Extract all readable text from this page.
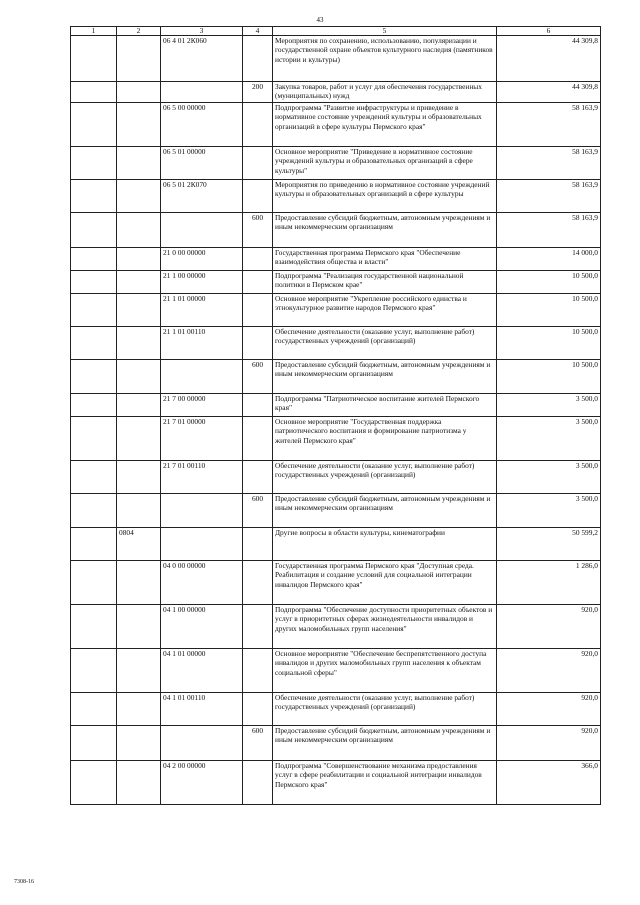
43
1	2	3	4	5	6
		06 4 01 2К060		Мероприятия по сохранению, использованию, популяризации и государственной охране объектов культурного наследия (памятников истории и культуры)	44 309,8
			200	Закупка товаров, работ и услуг для обеспечения государственных (муниципальных) нужд	44 309,8
		06 5 00 00000		Подпрограмма "Развитие инфраструктуры и приведение в нормативное состояние учреждений культуры и образовательных организаций в сфере культуры Пермского края"	58 163,9
		06 5 01 00000		Основное мероприятие "Приведение в нормативное состояние учреждений культуры и образовательных организаций в сфере культуры"	58 163,9
		06 5 01 2К070		Мероприятия по приведению в нормативное состояние учреждений культуры и образовательных организаций в сфере культуры	58 163,9
			600	Предоставление субсидий бюджетным, автономным учреждениям и иным некоммерческим организациям	58 163,9
		21 0 00 00000		Государственная программа Пермского края "Обеспечение взаимодействия общества и власти"	14 000,0
		21 1 00 00000		Подпрограмма "Реализация государственной национальной политики в Пермском крае"	10 500,0
		21 1 01 00000		Основное мероприятие "Укрепление российского единства и этнокультурное развитие народов Пермского края"	10 500,0
		21 1 01 00110		Обеспечение деятельности (оказание услуг, выполнение работ) государственных учреждений (организаций)	10 500,0
			600	Предоставление субсидий бюджетным, автономным учреждениям и иным некоммерческим организациям	10 500,0
		21 7 00 00000		Подпрограмма "Патриотическое воспитание жителей Пермского края"	3 500,0
		21 7 01 00000		Основное мероприятие "Государственная поддержка патриотического воспитания и формирование патриотизма у жителей Пермского края"	3 500,0
		21 7 01 00110		Обеспечение деятельности (оказание услуг, выполнение работ) государственных учреждений (организаций)	3 500,0
			600	Предоставление субсидий бюджетным, автономным учреждениям и иным некоммерческим организациям	3 500,0
	0804			Другие вопросы в области культуры, кинематографии	50 599,2
		04 0 00 00000		Государственная программа Пермского края "Доступная среда. Реабилитация и создание условий для социальной интеграции инвалидов Пермского края"	1 286,0
		04 1 00 00000		Подпрограмма "Обеспечение доступности приоритетных объектов и услуг в приоритетных сферах жизнедеятельности инвалидов и других маломобильных групп населения"	920,0
		04 1 01 00000		Основное мероприятие "Обеспечение беспрепятственного доступа инвалидов и других маломобильных групп населения к объектам социальной сферы"	920,0
		04 1 01 00110		Обеспечение деятельности (оказание услуг, выполнение работ) государственных учреждений (организаций)	920,0
			600	Предоставление субсидий бюджетным, автономным учреждениям и иным некоммерческим организациям	920,0
		04 2 00 00000		Подпрограмма "Совершенствование механизма предоставления услуг в сфере реабилитации и социальной интеграции инвалидов Пермского края"	366,0
7308-16
